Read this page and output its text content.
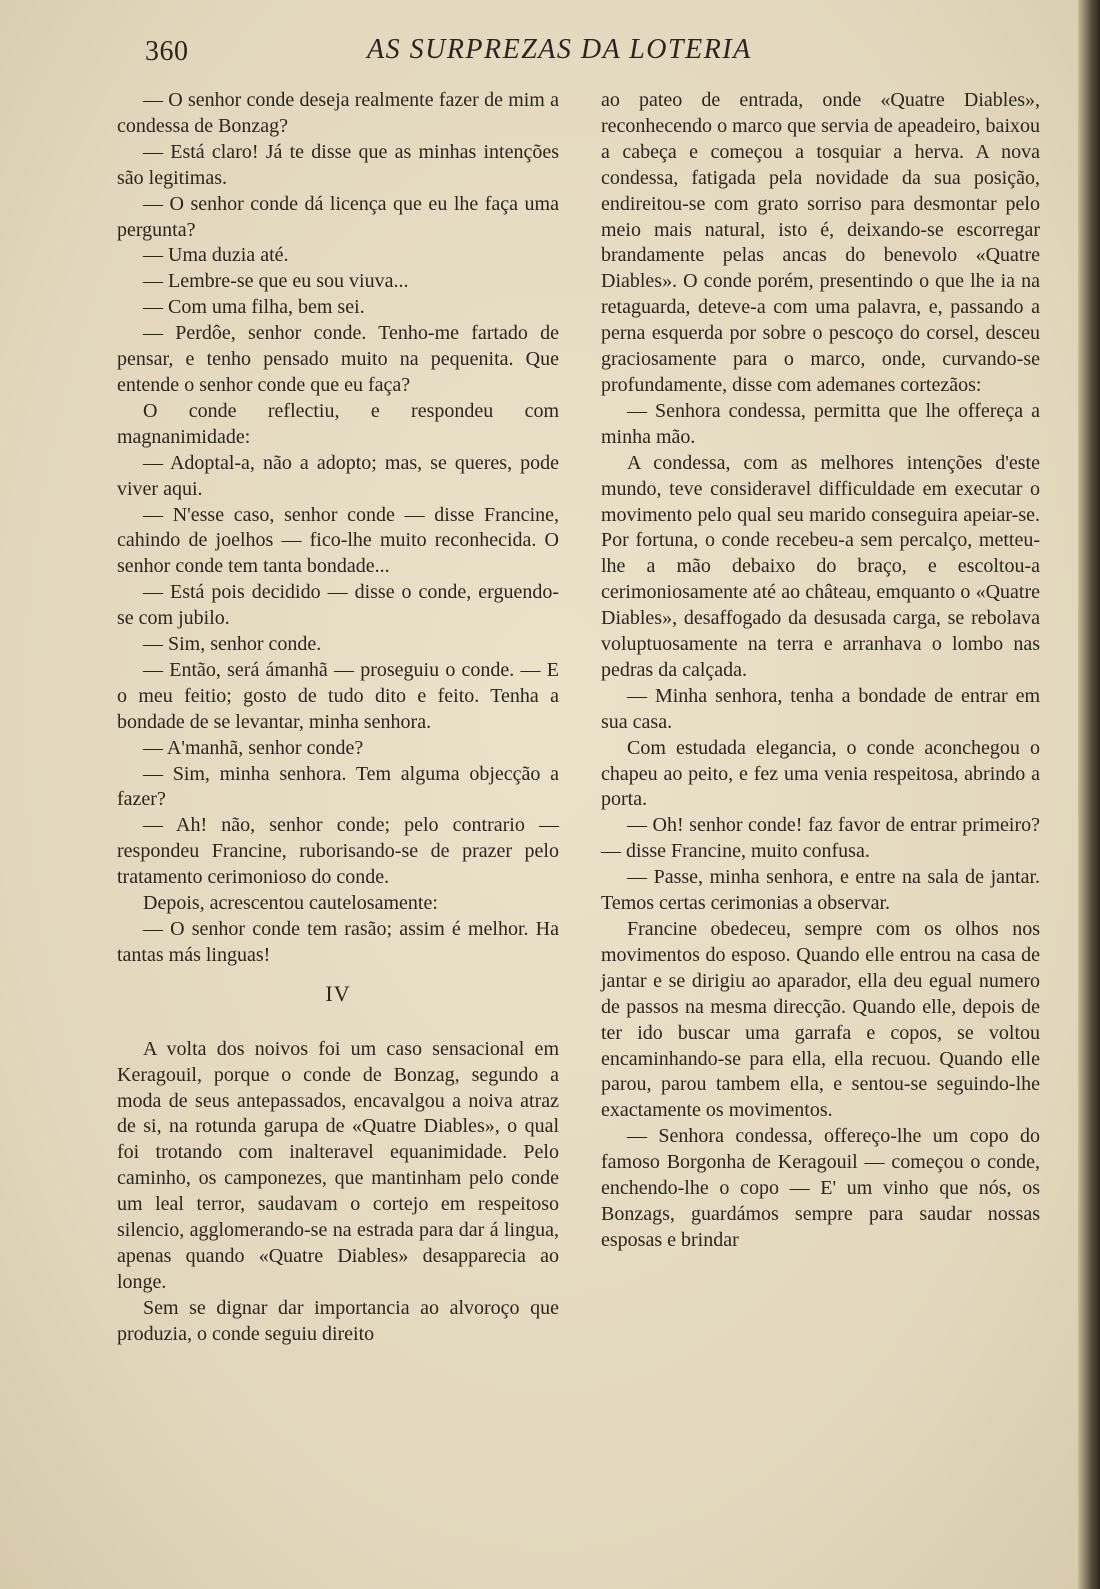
360	AS SURPREZAS DA LOTERIA

— O senhor conde deseja realmente fazer de mim a condessa de Bonzag?

— Está claro! Já te disse que as minhas intenções são legitimas.

— O senhor conde dá licença que eu lhe faça uma pergunta?

— Uma duzia até.

— Lembre-se que eu sou viuva...

— Com uma filha, bem sei.

— Perdôe, senhor conde. Tenho-me fartado de pensar, e tenho pensado muito na pequenita. Que entende o senhor conde que eu faça?

O conde reflectiu, e respondeu com magnanimidade:

— Adoptal-a, não a adopto; mas, se queres, pode viver aqui.

— N'esse caso, senhor conde — disse Francine, cahindo de joelhos — fico-lhe muito reconhecida. O senhor conde tem tanta bondade...

— Está pois decidido — disse o conde, erguendo-se com jubilo.

— Sim, senhor conde.

— Então, será ámanhã — proseguiu o conde. — E o meu feitio; gosto de tudo dito e feito. Tenha a bondade de se levantar, minha senhora.

— A'manhã, senhor conde?

— Sim, minha senhora. Tem alguma objecção a fazer?

— Ah! não, senhor conde; pelo contrario — respondeu Francine, ruborisando-se de prazer pelo tratamento cerimonioso do conde.

Depois, acrescentou cautelosamente:

— O senhor conde tem rasão; assim é melhor. Ha tantas más linguas!

IV

A volta dos noivos foi um caso sensacional em Keragouil, porque o conde de Bonzag, segundo a moda de seus antepassados, encavalgou a noiva atraz de si, na rotunda garupa de «Quatre Diables», o qual foi trotando com inalteravel equanimidade. Pelo caminho, os camponezes, que mantinham pelo conde um leal terror, saudavam o cortejo em respeitoso silencio, agglomerando-se na estrada para dar á lingua, apenas quando «Quatre Diables» desapparecia ao longe.

Sem se dignar dar importancia ao alvoroço que produzia, o conde seguiu direito

ao pateo de entrada, onde «Quatre Diables», reconhecendo o marco que servia de apeadeiro, baixou a cabeça e começou a tosquiar a herva. A nova condessa, fatigada pela novidade da sua posição, endireitou-se com grato sorriso para desmontar pelo meio mais natural, isto é, deixando-se escorregar brandamente pelas ancas do benevolo «Quatre Diables». O conde porém, presentindo o que lhe ia na retaguarda, deteve-a com uma palavra, e, passando a perna esquerda por sobre o pescoço do corsel, desceu graciosamente para o marco, onde, curvando-se profundamente, disse com ademanes cortezãos:

— Senhora condessa, permitta que lhe offereça a minha mão.

A condessa, com as melhores intenções d'este mundo, teve consideravel difficuldade em executar o movimento pelo qual seu marido conseguira apeiar-se. Por fortuna, o conde recebeu-a sem percalço, metteu-lhe a mão debaixo do braço, e escoltou-a cerimoniosamente até ao château, emquanto o «Quatre Diables», desaffogado da desusada carga, se rebolava voluptuosamente na terra e arranhava o lombo nas pedras da calçada.

— Minha senhora, tenha a bondade de entrar em sua casa.

Com estudada elegancia, o conde aconchegou o chapeu ao peito, e fez uma venia respeitosa, abrindo a porta.

— Oh! senhor conde! faz favor de entrar primeiro? — disse Francine, muito confusa.

— Passe, minha senhora, e entre na sala de jantar. Temos certas cerimonias a observar.

Francine obedeceu, sempre com os olhos nos movimentos do esposo. Quando elle entrou na casa de jantar e se dirigiu ao aparador, ella deu egual numero de passos na mesma direcção. Quando elle, depois de ter ido buscar uma garrafa e copos, se voltou encaminhando-se para ella, ella recuou. Quando elle parou, parou tambem ella, e sentou-se seguindo-lhe exactamente os movimentos.

— Senhora condessa, offereço-lhe um copo do famoso Borgonha de Keragouil — começou o conde, enchendo-lhe o copo — E' um vinho que nós, os Bonzags, guardámos sempre para saudar nossas esposas e brindar
